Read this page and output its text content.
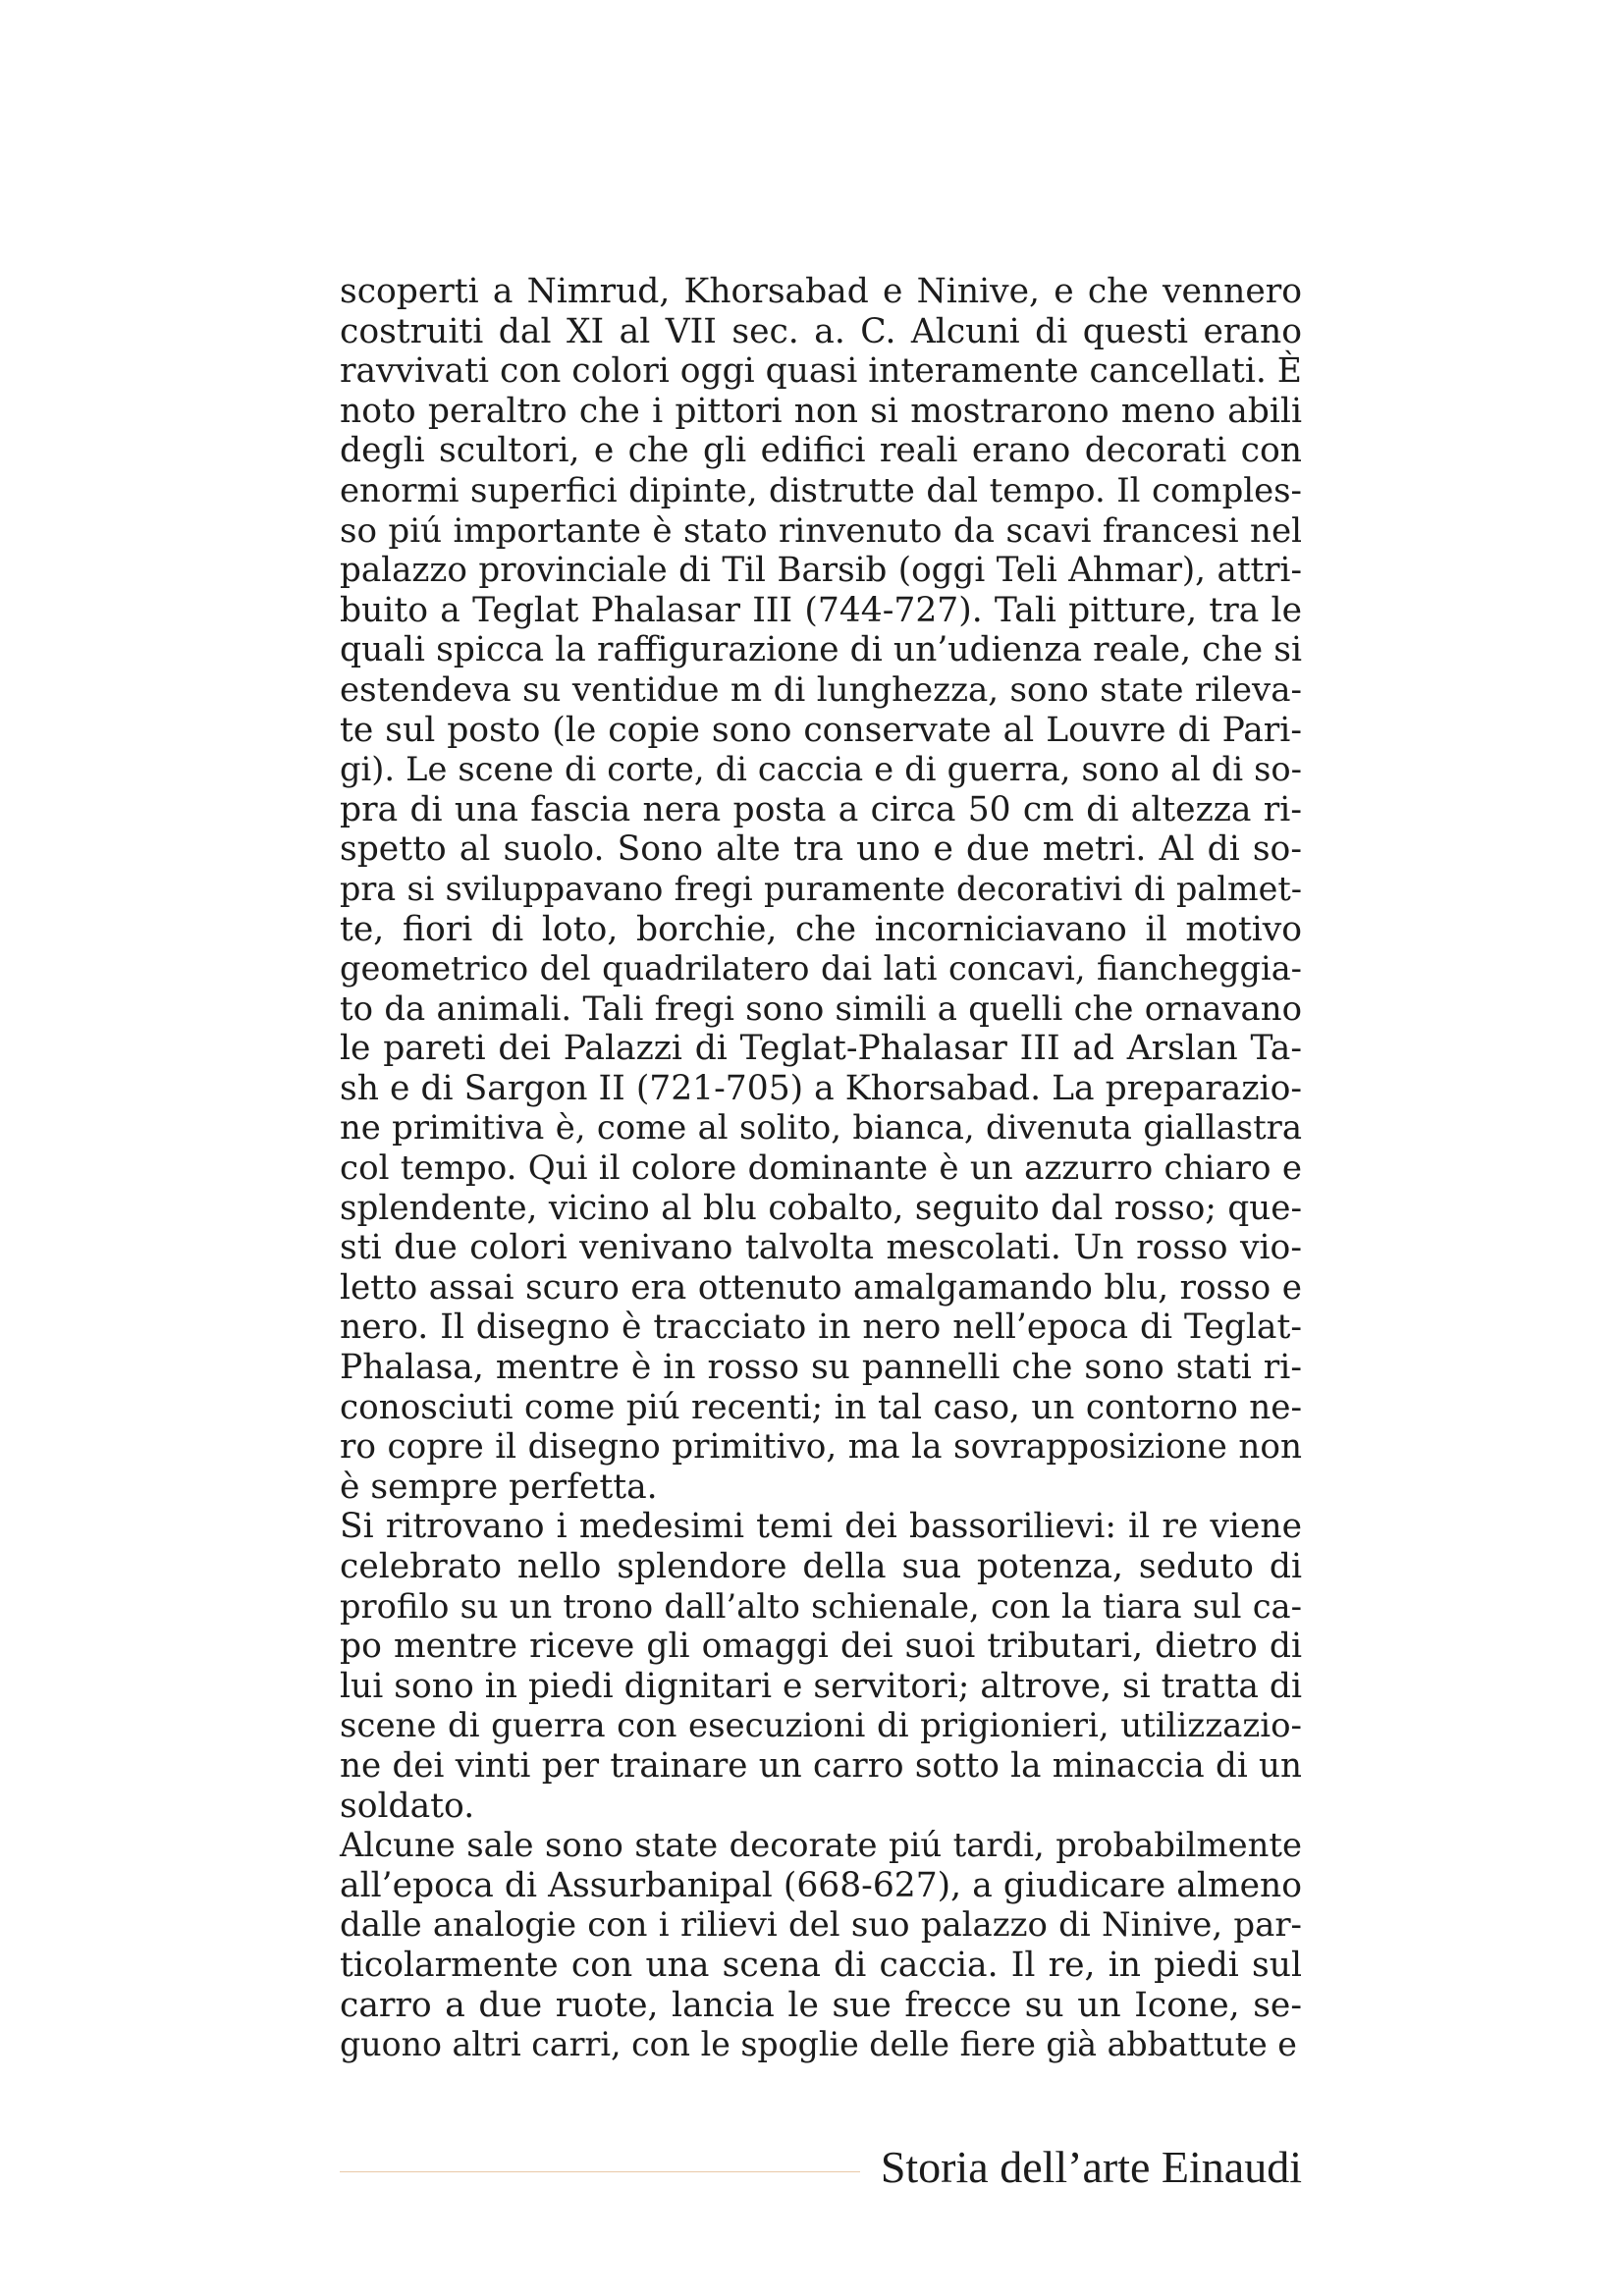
scoperti a Nimrud, Khorsabad e Ninive, e che vennero
costruiti dal XI al VII sec. a. C. Alcuni di questi erano
ravvivati con colori oggi quasi interamente cancellati. È
noto peraltro che i pittori non si mostrarono meno abili
degli scultori, e che gli edifici reali erano decorati con
enormi superfici dipinte, distrutte dal tempo. Il comples-
so piú importante è stato rinvenuto da scavi francesi nel
palazzo provinciale di Til Barsib (oggi Teli Ahmar), attri-
buito a Teglat Phalasar III (744-727). Tali pitture, tra le
quali spicca la raffigurazione di un’udienza reale, che si
estendeva su ventidue m di lunghezza, sono state rileva-
te sul posto (le copie sono conservate al Louvre di Pari-
gi). Le scene di corte, di caccia e di guerra, sono al di so-
pra di una fascia nera posta a circa 50 cm di altezza ri-
spetto al suolo. Sono alte tra uno e due metri. Al di so-
pra si sviluppavano fregi puramente decorativi di palmet-
te, fiori di loto, borchie, che incorniciavano il motivo
geometrico del quadrilatero dai lati concavi, fiancheggia-
to da animali. Tali fregi sono simili a quelli che ornavano
le pareti dei Palazzi di Teglat-Phalasar III ad Arslan Ta-
sh e di Sargon II (721-705) a Khorsabad. La preparazio-
ne primitiva è, come al solito, bianca, divenuta giallastra
col tempo. Qui il colore dominante è un azzurro chiaro e
splendente, vicino al blu cobalto, seguito dal rosso; que-
sti due colori venivano talvolta mescolati. Un rosso vio-
letto assai scuro era ottenuto amalgamando blu, rosso e
nero. Il disegno è tracciato in nero nell’epoca di Teglat-
Phalasa, mentre è in rosso su pannelli che sono stati ri-
conosciuti come piú recenti; in tal caso, un contorno ne-
ro copre il disegno primitivo, ma la sovrapposizione non
è sempre perfetta.
Si ritrovano i medesimi temi dei bassorilievi: il re viene
celebrato nello splendore della sua potenza, seduto di
profilo su un trono dall’alto schienale, con la tiara sul ca-
po mentre riceve gli omaggi dei suoi tributari, dietro di
lui sono in piedi dignitari e servitori; altrove, si tratta di
scene di guerra con esecuzioni di prigionieri, utilizzazio-
ne dei vinti per trainare un carro sotto la minaccia di un
soldato.
Alcune sale sono state decorate piú tardi, probabilmente
all’epoca di Assurbanipal (668-627), a giudicare almeno
dalle analogie con i rilievi del suo palazzo di Ninive, par-
ticolarmente con una scena di caccia. Il re, in piedi sul
carro a due ruote, lancia le sue frecce su un Icone, se-
guono altri carri, con le spoglie delle fiere già abbattute e
Storia dell’arte Einaudi
